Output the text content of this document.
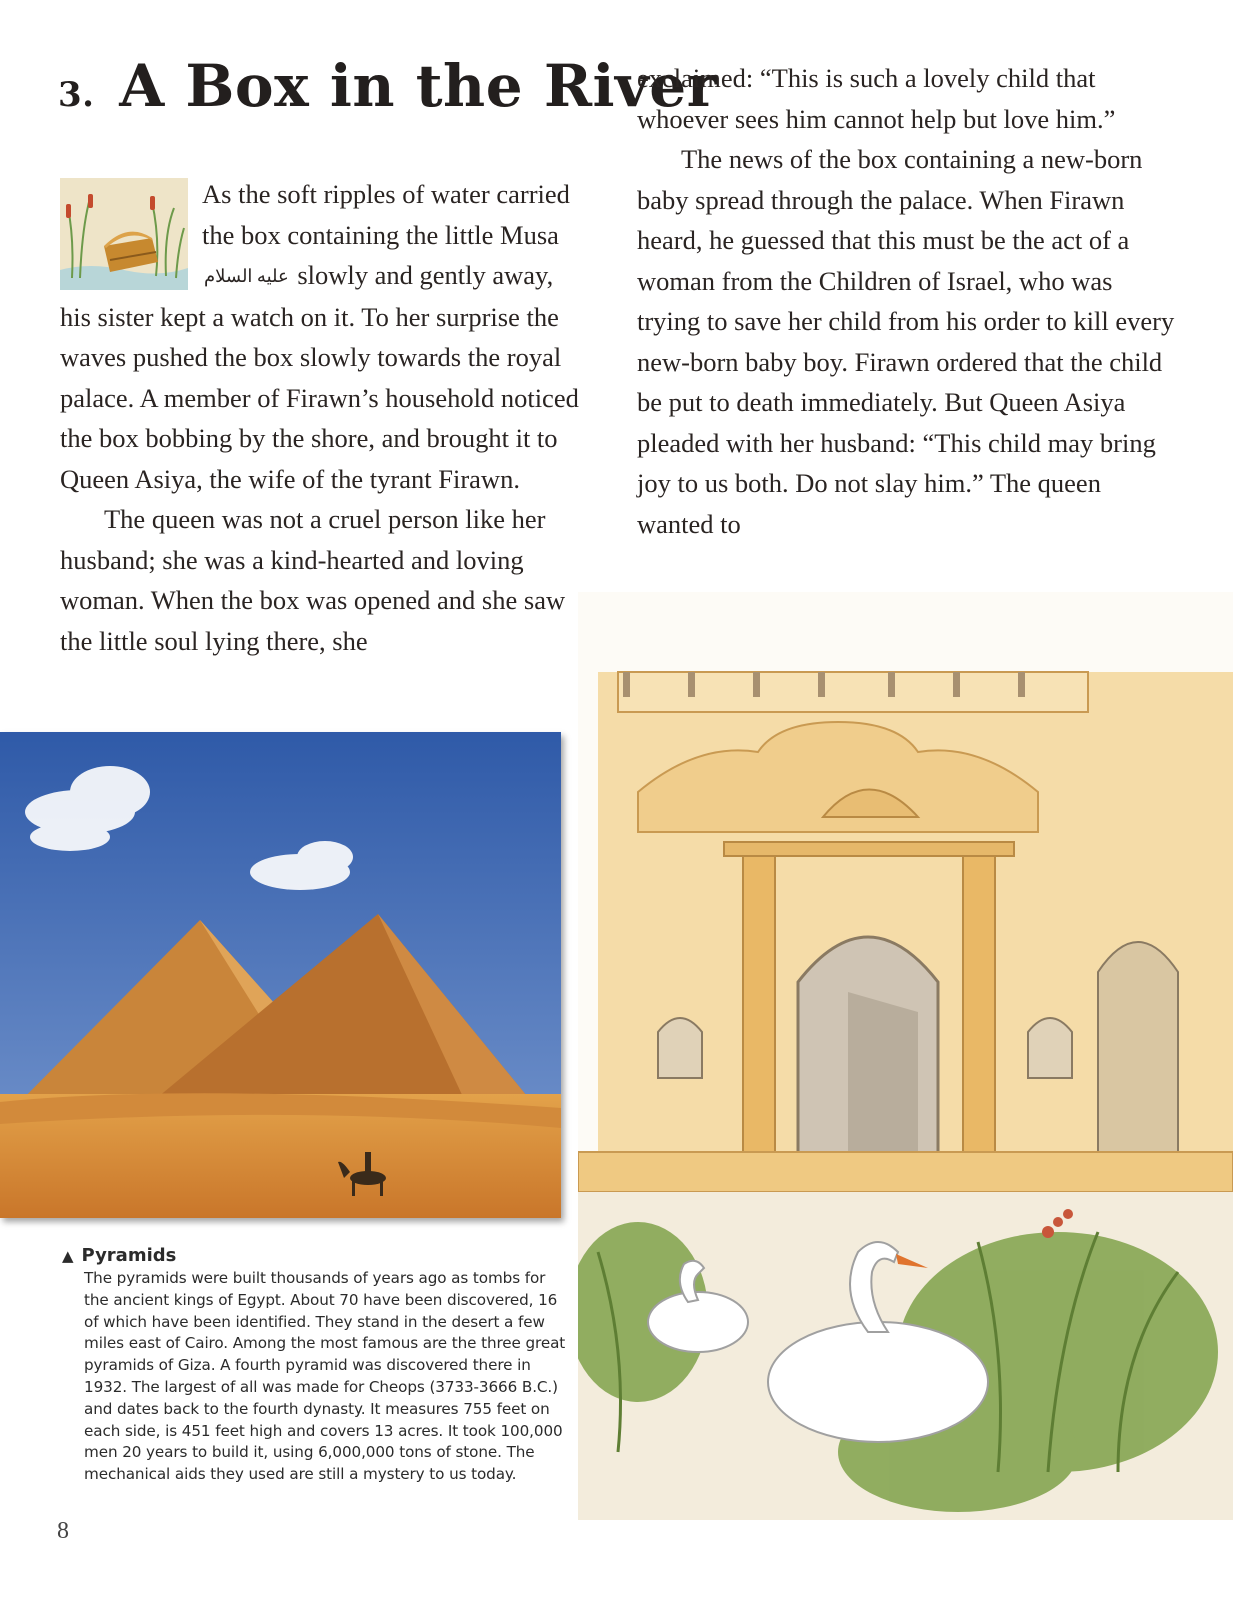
3. A Box in the River

As the soft ripples of water carried the box containing the little Musa عليه السلام slowly and gently away, his sister kept a watch on it. To her surprise the waves pushed the box slowly towards the royal palace. A member of Firawn’s household noticed the box bobbing by the shore, and brought it to Queen Asiya, the wife of the tyrant Firawn.

The queen was not a cruel person like her husband; she was a kind-hearted and loving woman. When the box was opened and she saw the little soul lying there, she

exclaimed: “This is such a lovely child that whoever sees him cannot help but love him.”

The news of the box containing a new-born baby spread through the palace. When Firawn heard, he guessed that this must be the act of a woman from the Children of Israel, who was trying to save her child from his order to kill every new-born baby boy. Firawn ordered that the child be put to death immediately. But Queen Asiya pleaded with her husband: “This child may bring joy to us both. Do not slay him.” The queen wanted to

▲ Pyramids

The pyramids were built thousands of years ago as tombs for the ancient kings of Egypt. About 70 have been discovered, 16 of which have been identified. They stand in the desert a few miles east of Cairo. Among the most famous are the three great pyramids of Giza. A fourth pyramid was discovered there in 1932. The largest of all was made for Cheops (3733-3666 B.C.) and dates back to the fourth dynasty. It measures 755 feet on each side, is 451 feet high and covers 13 acres. It took 100,000 men 20 years to build it, using 6,000,000 tons of stone. The mechanical aids they used are still a mystery to us today.

8
